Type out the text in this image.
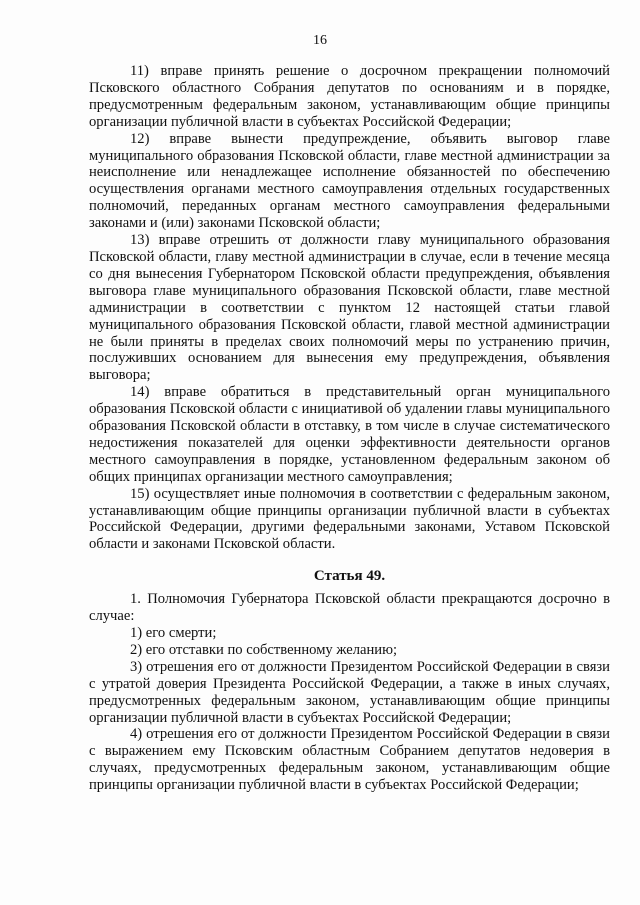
16

11) вправе принять решение о досрочном прекращении полномочий Псковского областного Собрания депутатов по основаниям и в порядке, предусмотренным федеральным законом, устанавливающим общие принципы организации публичной власти в субъектах Российской Федерации;

12) вправе вынести предупреждение, объявить выговор главе муниципального образования Псковской области, главе местной администрации за неисполнение или ненадлежащее исполнение обязанностей по обеспечению осуществления органами местного самоуправления отдельных государственных полномочий, переданных органам местного самоуправления федеральными законами и (или) законами Псковской области;

13) вправе отрешить от должности главу муниципального образования Псковской области, главу местной администрации в случае, если в течение месяца со дня вынесения Губернатором Псковской области предупреждения, объявления выговора главе муниципального образования Псковской области, главе местной администрации в соответствии с пунктом 12 настоящей статьи главой муниципального образования Псковской области, главой местной администрации не были приняты в пределах своих полномочий меры по устранению причин, послуживших основанием для вынесения ему предупреждения, объявления выговора;

14) вправе обратиться в представительный орган муниципального образования Псковской области с инициативой об удалении главы муниципального образования Псковской области в отставку, в том числе в случае систематического недостижения показателей для оценки эффективности деятельности органов местного самоуправления в порядке, установленном федеральным законом об общих принципах организации местного самоуправления;

15) осуществляет иные полномочия в соответствии с федеральным законом, устанавливающим общие принципы организации публичной власти в субъектах Российской Федерации, другими федеральными законами, Уставом Псковской области и законами Псковской области.

Статья 49.

1. Полномочия Губернатора Псковской области прекращаются досрочно в случае:

1) его смерти;

2) его отставки по собственному желанию;

3) отрешения его от должности Президентом Российской Федерации в связи с утратой доверия Президента Российской Федерации, а также в иных случаях, предусмотренных федеральным законом, устанавливающим общие принципы организации публичной власти в субъектах Российской Федерации;

4) отрешения его от должности Президентом Российской Федерации в связи с выражением ему Псковским областным Собранием депутатов недоверия в случаях, предусмотренных федеральным законом, устанавливающим общие принципы организации публичной власти в субъектах Российской Федерации;
